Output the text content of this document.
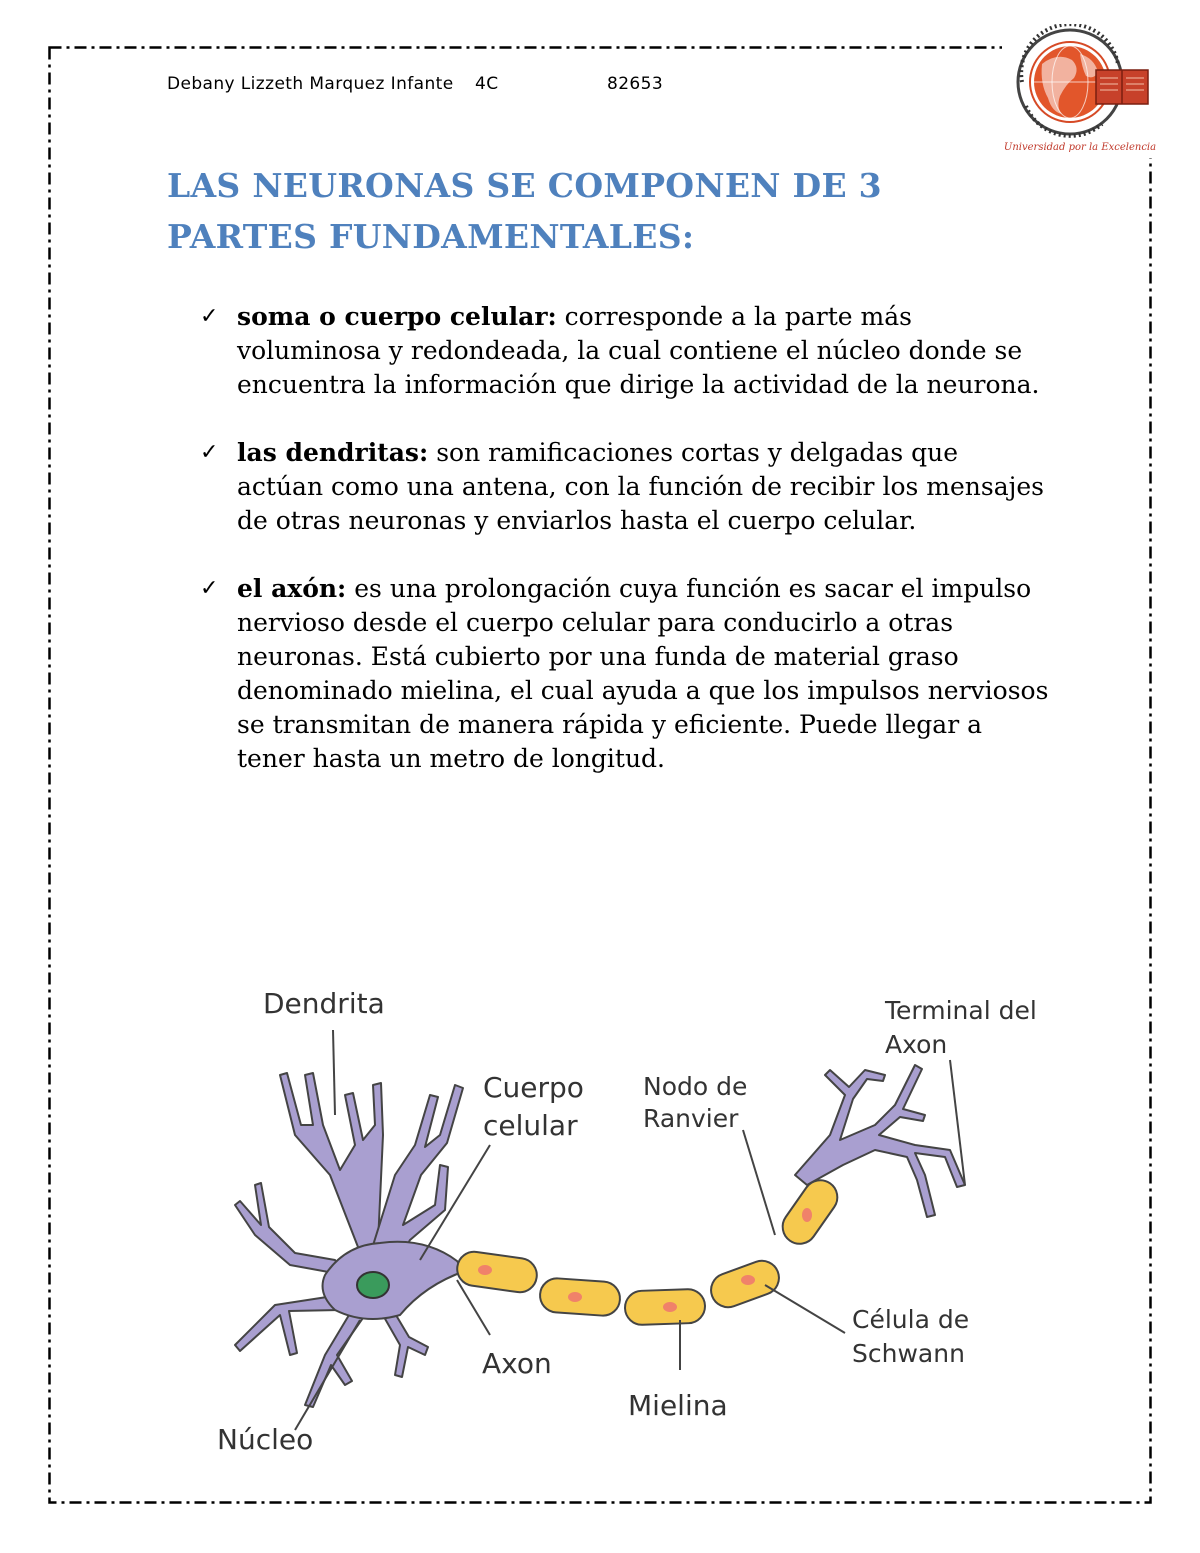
Debany Lizzeth Marquez Infante 4C	82653
Universidad por la Excelencia
LAS NEURONAS SE COMPONEN DE 3 PARTES FUNDAMENTALES:
✓ soma o cuerpo celular: corresponde a la parte más voluminosa y redondeada, la cual contiene el núcleo donde se encuentra la información que dirige la actividad de la neurona.
✓ las dendritas: son ramificaciones cortas y delgadas que actúan como una antena, con la función de recibir los mensajes de otras neuronas y enviarlos hasta el cuerpo celular.
✓ el axón: es una prolongación cuya función es sacar el impulso nervioso desde el cuerpo celular para conducirlo a otras neuronas. Está cubierto por una funda de material graso denominado mielina, el cual ayuda a que los impulsos nerviosos se transmitan de manera rápida y eficiente. Puede llegar a tener hasta un metro de longitud.
Dendrita
Cuerpo
celular
Nodo de
Ranvier
Terminal del
Axon
Axon
Mielina
Célula de
Schwann
Núcleo
